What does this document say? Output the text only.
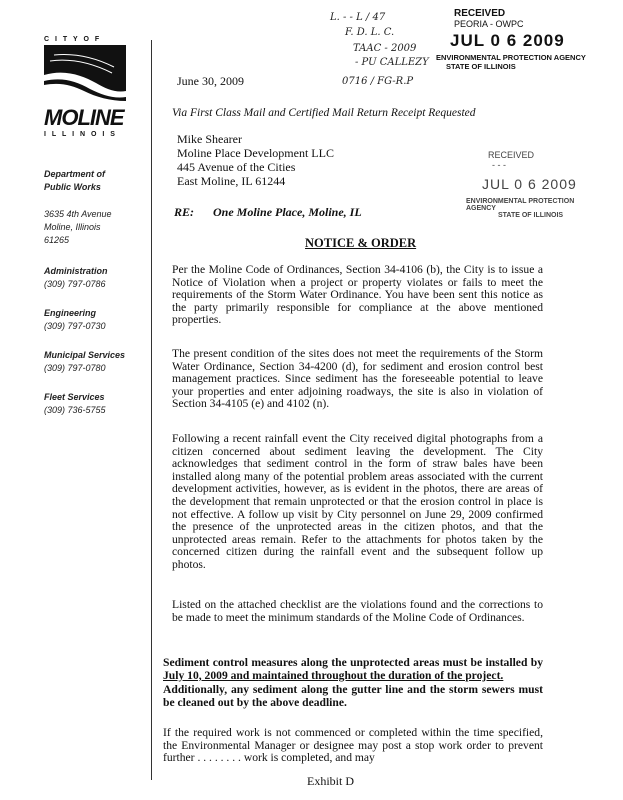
L. - - L / 47
F. D. L. C.
TAAC - 2009
- PU CALLEZY
0716 / FG-R.P
RECEIVED
PEORIA - OWPC
JUL 0 6 2009
ENVIRONMENTAL PROTECTION AGENCY
STATE OF ILLINOIS
RECEIVED
- - -
JUL 0 6 2009
ENVIRONMENTAL PROTECTION AGENCY
STATE OF ILLINOIS
C I T Y O F
MOLINE
I L L I N O I S
Department of Public Works
3635 4th Avenue
Moline, Illinois
61265
Administration
(309) 797-0786
Engineering
(309) 797-0730
Municipal Services
(309) 797-0780
Fleet Services
(309) 736-5755
June 30, 2009
Via First Class Mail and Certified Mail Return Receipt Requested
Mike Shearer
Moline Place Development LLC
445 Avenue of the Cities
East Moline, IL 61244
RE: One Moline Place, Moline, IL
NOTICE & ORDER
Per the Moline Code of Ordinances, Section 34-4106 (b), the City is to issue a Notice of Violation when a project or property violates or fails to meet the requirements of the Storm Water Ordinance. You have been sent this notice as the party primarily responsible for compliance at the above mentioned properties.
The present condition of the sites does not meet the requirements of the Storm Water Ordinance, Section 34-4200 (d), for sediment and erosion control best management practices. Since sediment has the foreseeable potential to leave your properties and enter adjoining roadways, the site is also in violation of Section 34-4105 (e) and 4102 (n).
Following a recent rainfall event the City received digital photographs from a citizen concerned about sediment leaving the development. The City acknowledges that sediment control in the form of straw bales have been installed along many of the potential problem areas associated with the current development activities, however, as is evident in the photos, there are areas of the development that remain unprotected or that the erosion control in place is not effective. A follow up visit by City personnel on June 29, 2009 confirmed the presence of the unprotected areas in the citizen photos, and that the unprotected areas remain. Refer to the attachments for photos taken by the concerned citizen during the rainfall event and the subsequent follow up photos.
Listed on the attached checklist are the violations found and the corrections to be made to meet the minimum standards of the Moline Code of Ordinances.
Sediment control measures along the unprotected areas must be installed by July 10, 2009 and maintained throughout the duration of the project.
Additionally, any sediment along the gutter line and the storm sewers must be cleaned out by the above deadline.
If the required work is not commenced or completed within the time specified, the Environmental Manager or designee may post a stop work order to prevent further . . . . . . . . work is completed, and may
Exhibit D
